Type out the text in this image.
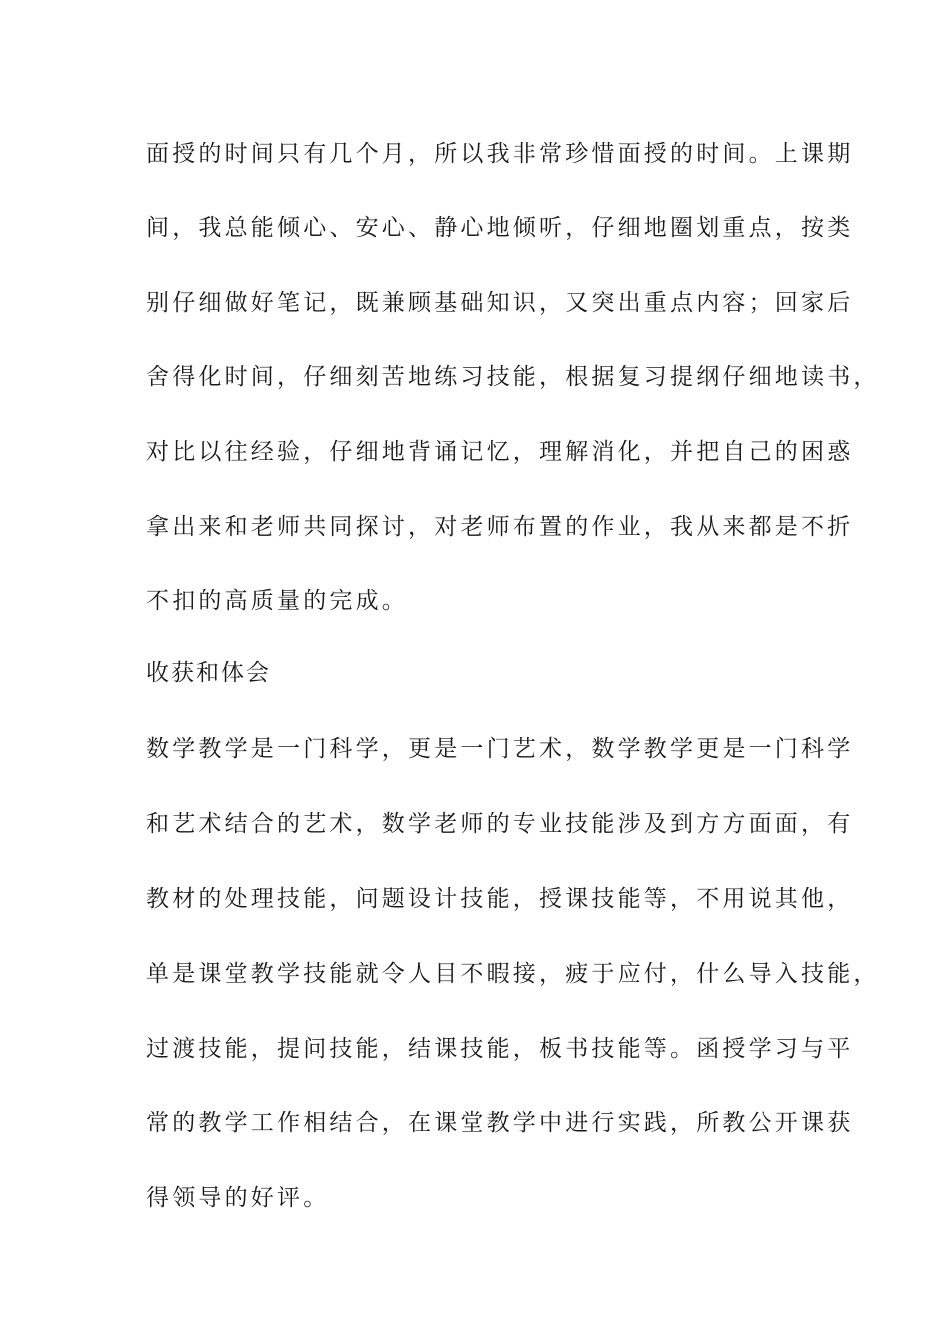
面授的时间只有几个月，所以我非常珍惜面授的时间。上课期
间，我总能倾心、安心、静心地倾听，仔细地圈划重点，按类
别仔细做好笔记，既兼顾基础知识，又突出重点内容；回家后
舍得化时间，仔细刻苦地练习技能，根据复习提纲仔细地读书，
对比以往经验，仔细地背诵记忆，理解消化，并把自己的困惑
拿出来和老师共同探讨，对老师布置的作业，我从来都是不折
不扣的高质量的完成。
收获和体会
数学教学是一门科学，更是一门艺术，数学教学更是一门科学
和艺术结合的艺术，数学老师的专业技能涉及到方方面面，有
教材的处理技能，问题设计技能，授课技能等，不用说其他，
单是课堂教学技能就令人目不暇接，疲于应付，什么导入技能，
过渡技能，提问技能，结课技能，板书技能等。函授学习与平
常的教学工作相结合，在课堂教学中进行实践，所教公开课获
得领导的好评。
